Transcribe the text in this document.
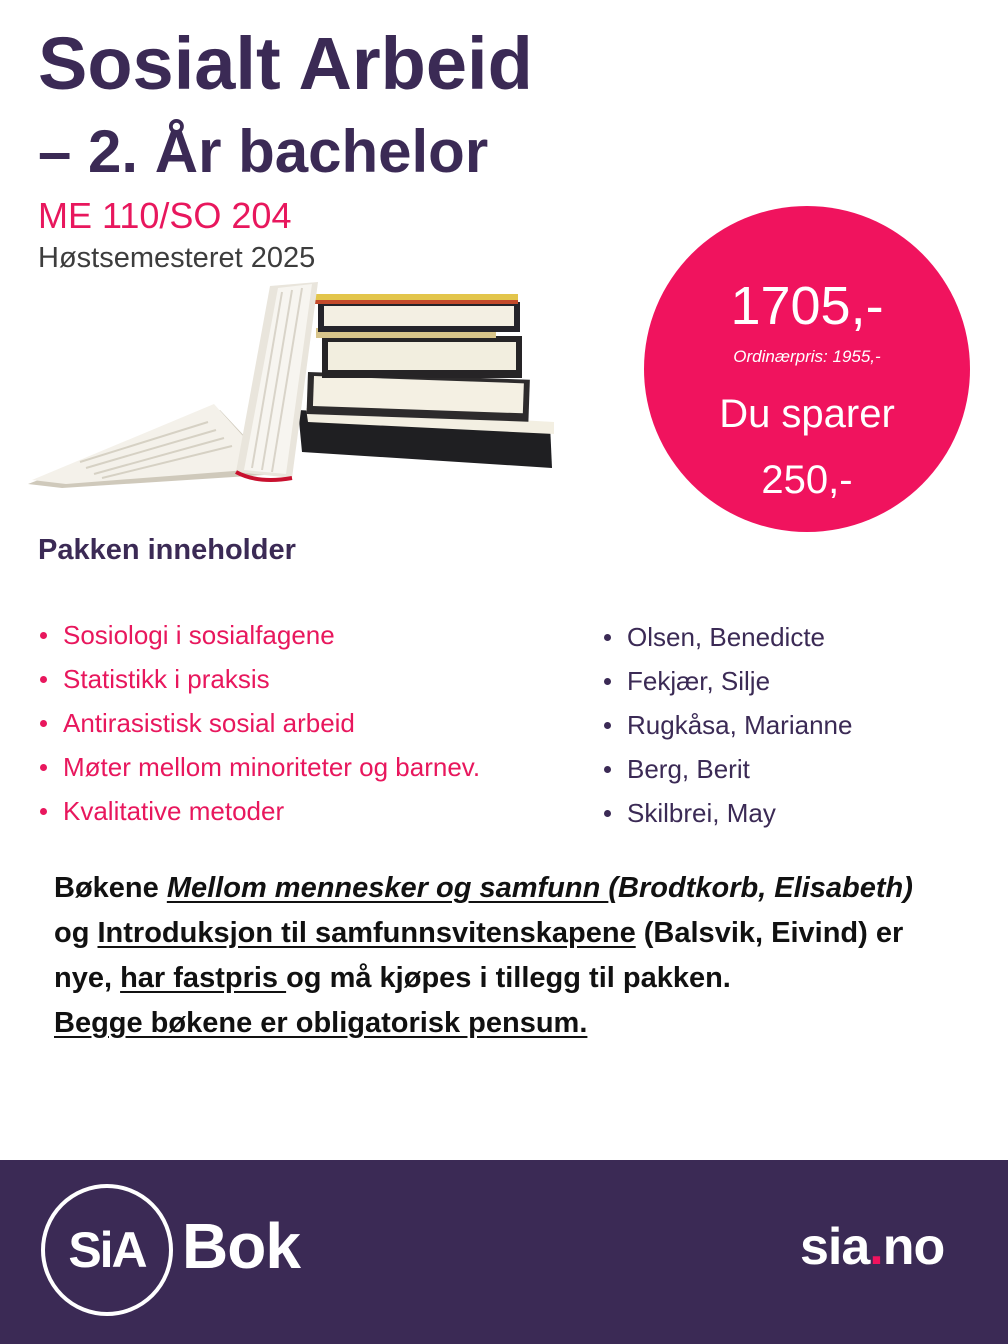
Sosialt Arbeid
– 2. År bachelor
ME 110/SO 204
Høstsemesteret 2025
1705,-
Ordinærpris: 1955,-
Du sparer
250,-
Pakken inneholder
Sosiologi i sosialfagene
Statistikk i praksis
Antirasistisk sosial arbeid
Møter mellom minoriteter og barnev.
Kvalitative metoder
Olsen, Benedicte
Fekjær, Silje
Rugkåsa, Marianne
Berg, Berit
Skilbrei, May
Bøkene Mellom mennesker og samfunn (Brodtkorb, Elisabeth) og Introduksjon til samfunnsvitenskapene (Balsvik, Eivind) er nye, har fastpris og må kjøpes i tillegg til pakken.
Begge bøkene er obligatorisk pensum.
SiA Bok	sia.no
